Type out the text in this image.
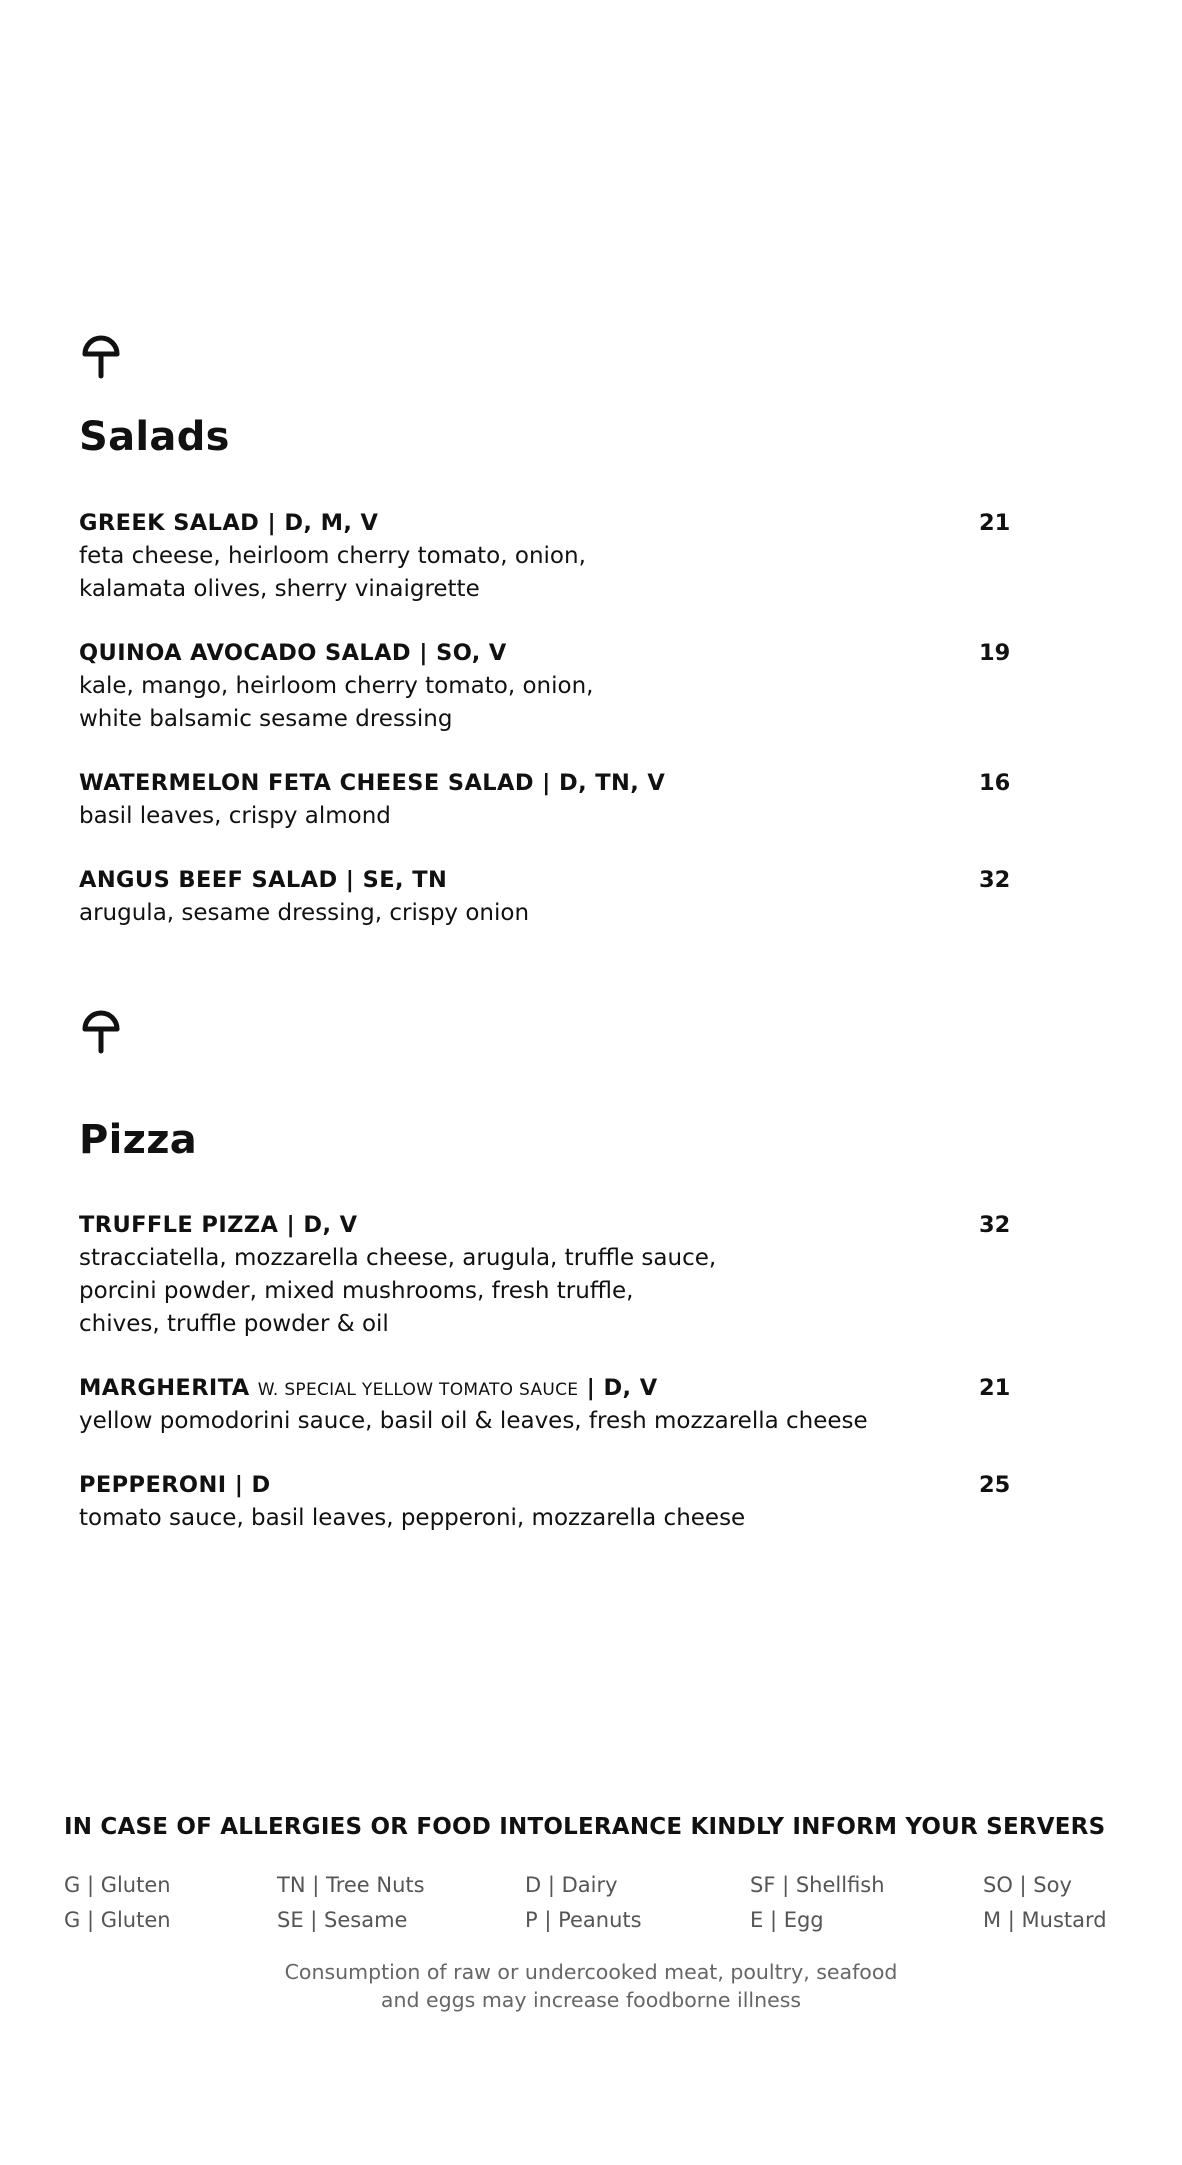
Salads
GREEK SALAD | D, M, V
feta cheese, heirloom cherry tomato, onion,
kalamata olives, sherry vinaigrette
21
QUINOA AVOCADO SALAD | SO, V
kale, mango, heirloom cherry tomato, onion,
white balsamic sesame dressing
19
WATERMELON FETA CHEESE SALAD | D, TN, V
basil leaves, crispy almond
16
ANGUS BEEF SALAD | SE, TN
arugula, sesame dressing, crispy onion
32
Pizza
TRUFFLE PIZZA | D, V
stracciatella, mozzarella cheese, arugula, truffle sauce,
porcini powder, mixed mushrooms, fresh truffle,
chives, truffle powder & oil
32
MARGHERITA W. SPECIAL YELLOW TOMATO SAUCE | D, V
yellow pomodorini sauce, basil oil & leaves, fresh mozzarella cheese
21
PEPPERONI | D
tomato sauce, basil leaves, pepperoni, mozzarella cheese
25
IN CASE OF ALLERGIES OR FOOD INTOLERANCE KINDLY INFORM YOUR SERVERS
G | Gluten	TN | Tree Nuts	D | Dairy	SF | Shellfish	SO | Soy
G | Gluten	SE | Sesame	P | Peanuts	E | Egg	M | Mustard
Consumption of raw or undercooked meat, poultry, seafood
and eggs may increase foodborne illness
